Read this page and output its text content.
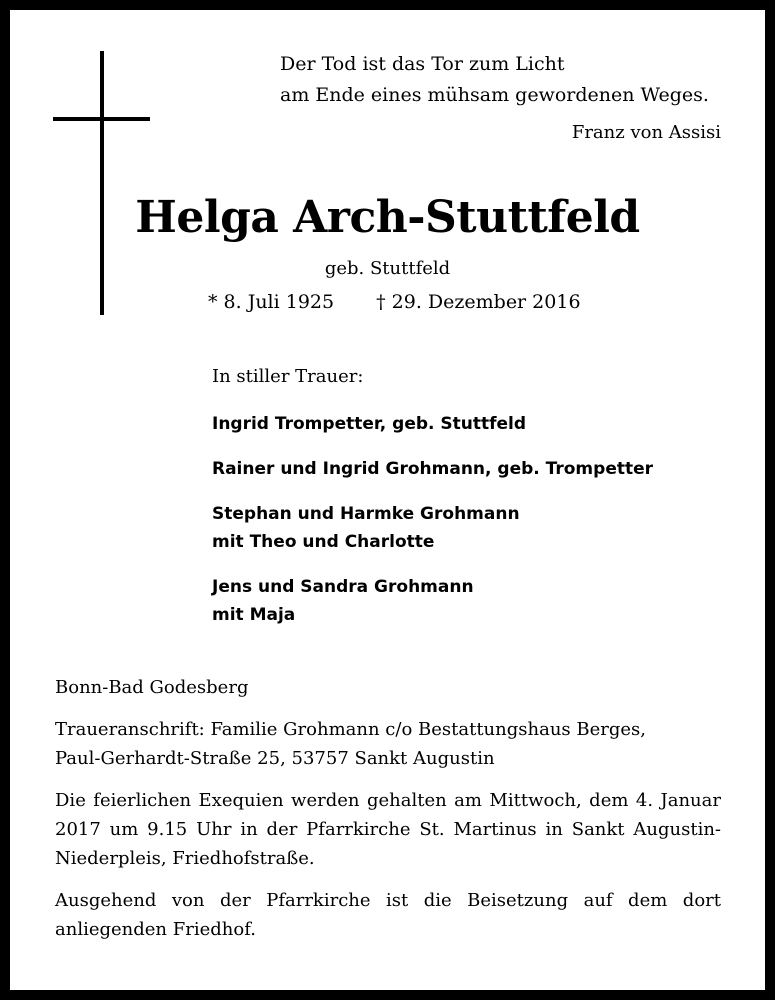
Der Tod ist das Tor zum Licht
am Ende eines mühsam gewordenen Weges.
Franz von Assisi
Helga Arch-Stuttfeld
geb. Stuttfeld
* 8. Juli 1925 † 29. Dezember 2016
In stiller Trauer:
Ingrid Trompetter, geb. Stuttfeld
Rainer und Ingrid Grohmann, geb. Trompetter
Stephan und Harmke Grohmann
mit Theo und Charlotte
Jens und Sandra Grohmann
mit Maja

Bonn-Bad Godesberg

Traueranschrift: Familie Grohmann c/o Bestattungshaus Berges,
Paul-Gerhardt-Straße 25, 53757 Sankt Augustin

Die feierlichen Exequien werden gehalten am Mittwoch, dem 4. Januar 2017 um 9.15 Uhr in der Pfarrkirche St. Martinus in Sankt Augustin-Niederpleis, Friedhofstraße.

Ausgehend von der Pfarrkirche ist die Beisetzung auf dem dort anliegenden Friedhof.
